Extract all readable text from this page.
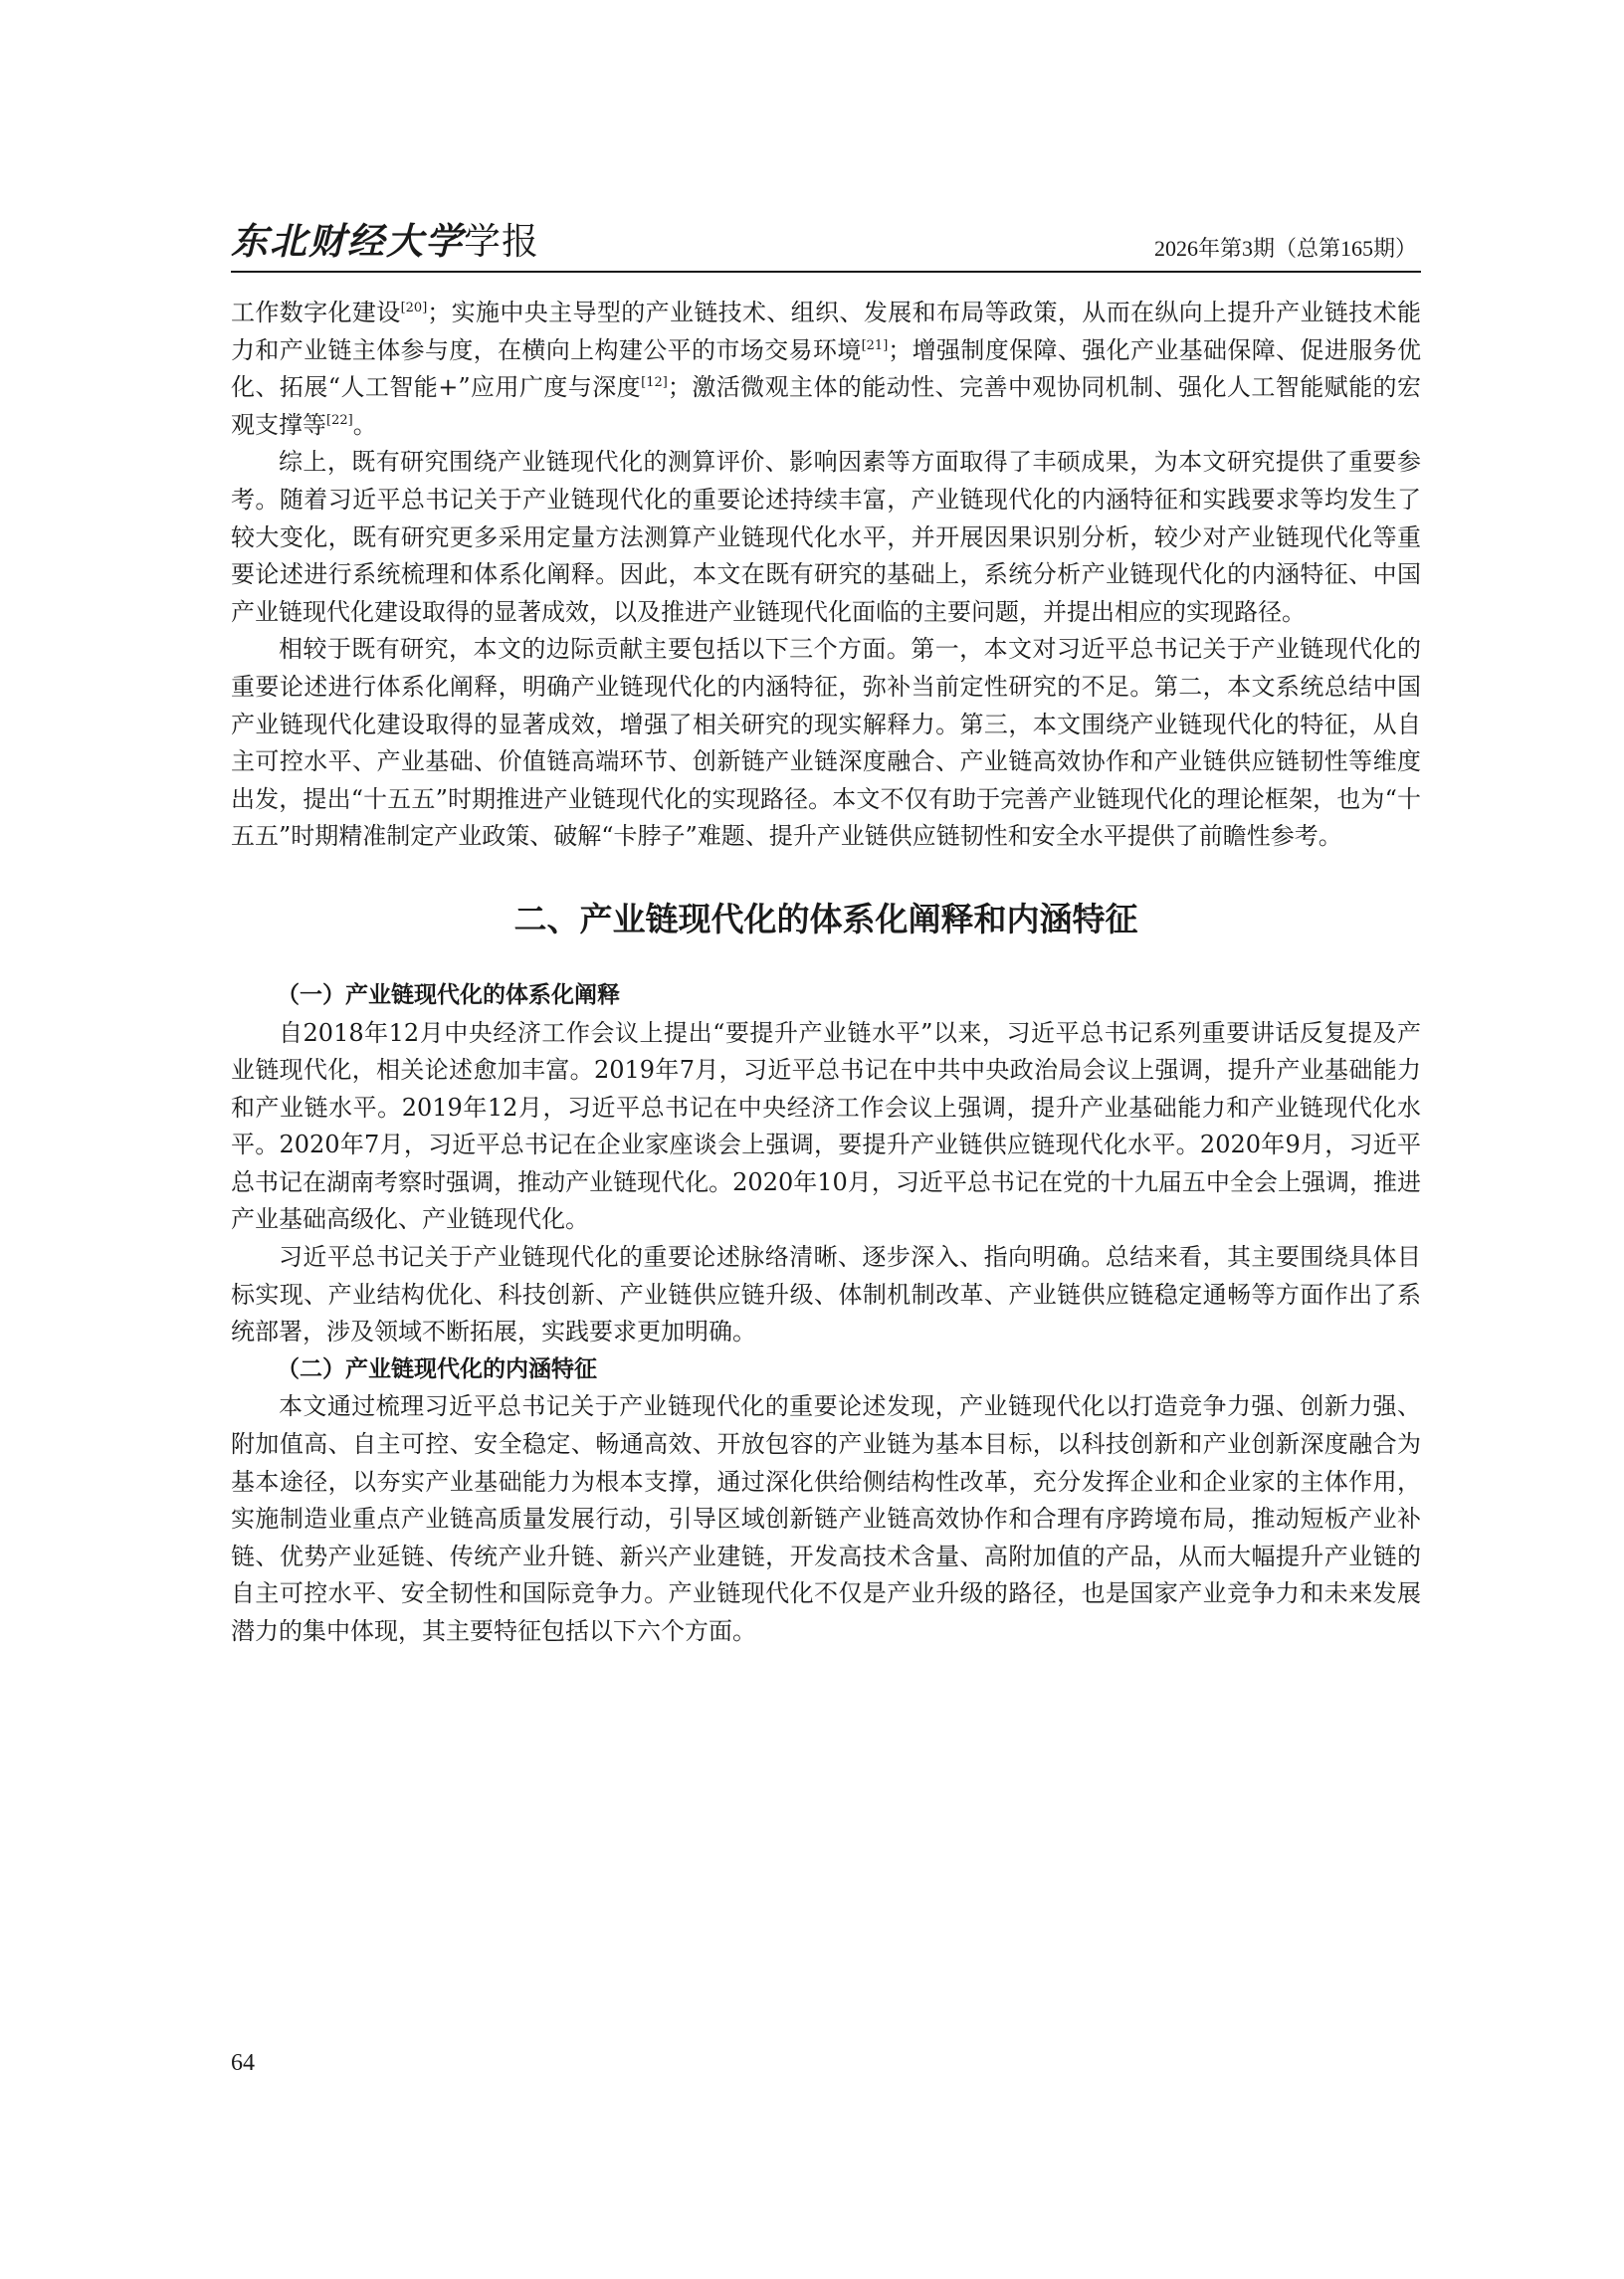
东北财经大学学报	2026年第3期（总第165期）

工作数字化建设[20]；实施中央主导型的产业链技术、组织、发展和布局等政策，从而在纵向上提升产业链技术能力和产业链主体参与度，在横向上构建公平的市场交易环境[21]；增强制度保障、强化产业基础保障、促进服务优化、拓展“人工智能+”应用广度与深度[12]；激活微观主体的能动性、完善中观协同机制、强化人工智能赋能的宏观支撑等[22]。

综上，既有研究围绕产业链现代化的测算评价、影响因素等方面取得了丰硕成果，为本文研究提供了重要参考。随着习近平总书记关于产业链现代化的重要论述持续丰富，产业链现代化的内涵特征和实践要求等均发生了较大变化，既有研究更多采用定量方法测算产业链现代化水平，并开展因果识别分析，较少对产业链现代化等重要论述进行系统梳理和体系化阐释。因此，本文在既有研究的基础上，系统分析产业链现代化的内涵特征、中国产业链现代化建设取得的显著成效，以及推进产业链现代化面临的主要问题，并提出相应的实现路径。

相较于既有研究，本文的边际贡献主要包括以下三个方面。第一，本文对习近平总书记关于产业链现代化的重要论述进行体系化阐释，明确产业链现代化的内涵特征，弥补当前定性研究的不足。第二，本文系统总结中国产业链现代化建设取得的显著成效，增强了相关研究的现实解释力。第三，本文围绕产业链现代化的特征，从自主可控水平、产业基础、价值链高端环节、创新链产业链深度融合、产业链高效协作和产业链供应链韧性等维度出发，提出“十五五”时期推进产业链现代化的实现路径。本文不仅有助于完善产业链现代化的理论框架，也为“十五五”时期精准制定产业政策、破解“卡脖子”难题、提升产业链供应链韧性和安全水平提供了前瞻性参考。

二、产业链现代化的体系化阐释和内涵特征

（一）产业链现代化的体系化阐释

自2018年12月中央经济工作会议上提出“要提升产业链水平”以来，习近平总书记系列重要讲话反复提及产业链现代化，相关论述愈加丰富。2019年7月，习近平总书记在中共中央政治局会议上强调，提升产业基础能力和产业链水平。2019年12月，习近平总书记在中央经济工作会议上强调，提升产业基础能力和产业链现代化水平。2020年7月，习近平总书记在企业家座谈会上强调，要提升产业链供应链现代化水平。2020年9月，习近平总书记在湖南考察时强调，推动产业链现代化。2020年10月，习近平总书记在党的十九届五中全会上强调，推进产业基础高级化、产业链现代化。

习近平总书记关于产业链现代化的重要论述脉络清晰、逐步深入、指向明确。总结来看，其主要围绕具体目标实现、产业结构优化、科技创新、产业链供应链升级、体制机制改革、产业链供应链稳定通畅等方面作出了系统部署，涉及领域不断拓展，实践要求更加明确。

（二）产业链现代化的内涵特征

本文通过梳理习近平总书记关于产业链现代化的重要论述发现，产业链现代化以打造竞争力强、创新力强、附加值高、自主可控、安全稳定、畅通高效、开放包容的产业链为基本目标，以科技创新和产业创新深度融合为基本途径，以夯实产业基础能力为根本支撑，通过深化供给侧结构性改革，充分发挥企业和企业家的主体作用，实施制造业重点产业链高质量发展行动，引导区域创新链产业链高效协作和合理有序跨境布局，推动短板产业补链、优势产业延链、传统产业升链、新兴产业建链，开发高技术含量、高附加值的产品，从而大幅提升产业链的自主可控水平、安全韧性和国际竞争力。产业链现代化不仅是产业升级的路径，也是国家产业竞争力和未来发展潜力的集中体现，其主要特征包括以下六个方面。

64
